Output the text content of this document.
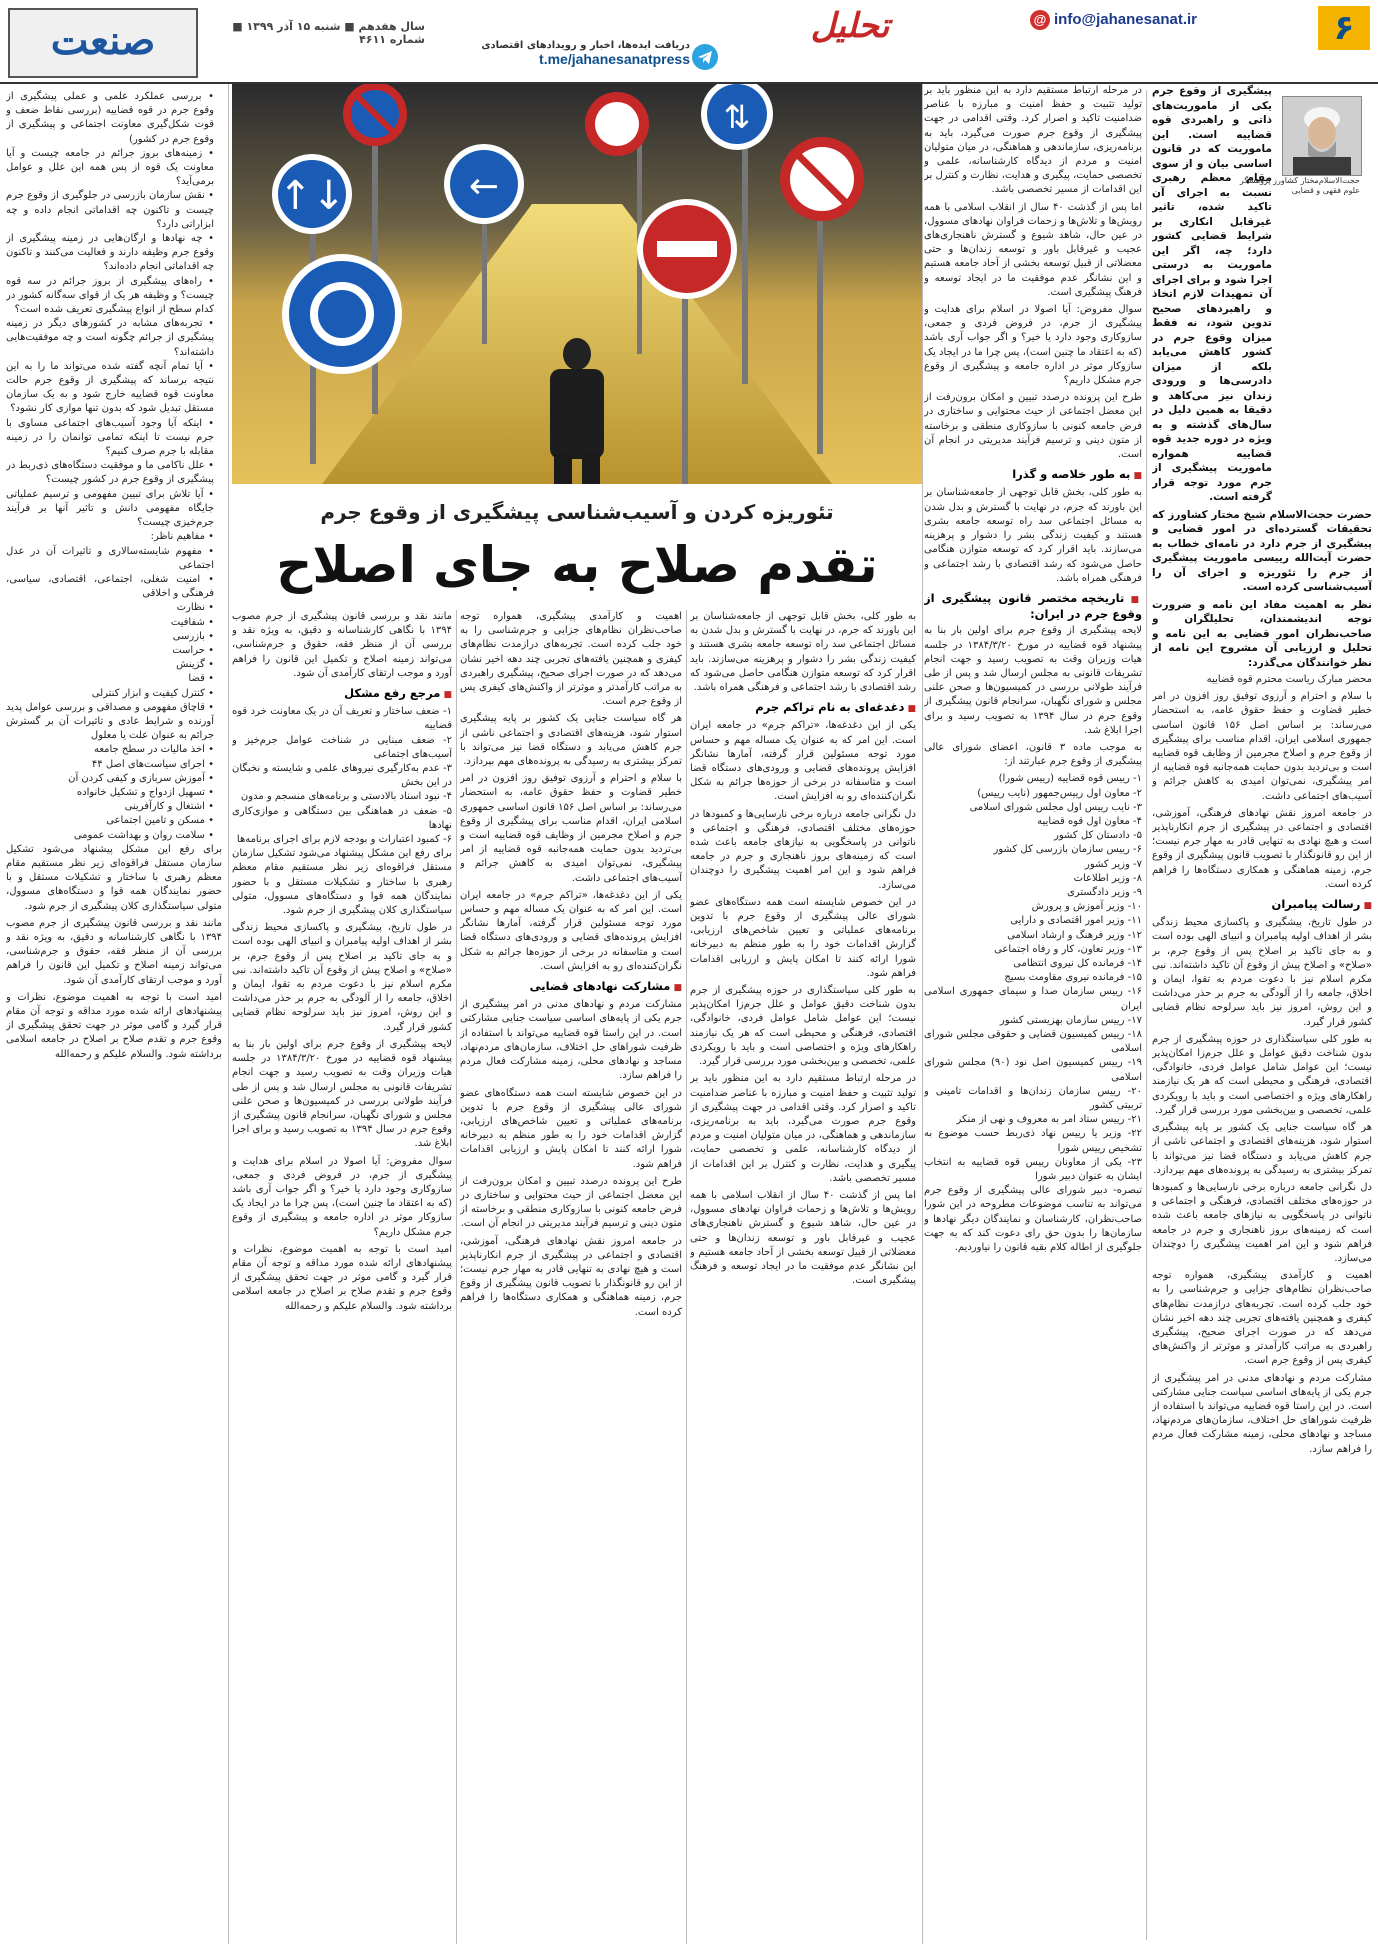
۶
@ info@jahanesanat.ir
تحلیل
دریافت ایده‌ها، اخبار و رویدادهای اقتصادی
t.me/jahanesanatpress
سال هفدهم ■ شنبه ۱۵ آذر ۱۳۹۹ ■ شماره ۴۶۱۱
صنعت
↑↓	←
⇅
تئوریزه کردن و آسیب‌شناسی پیشگیری از وقوع جرم
تقدم صلاح به جای اصلاح
حجت‌الاسلام‌مختار کشاورز پژوهشگر علوم فقهی و قضایی

پیشگیری از وقوع جرم یکی از ماموریت‌های ذاتی و راهبردی قوه قضاییه است. این ماموریت که در قانون اساسی بیان و از سوی مقام معظم رهبری نسبت به اجرای آن تاکید شده، تاثیر غیرقابل انکاری بر شرایط قضایی کشور دارد؛ چه، اگر این ماموریت به درستی اجرا شود و برای اجرای آن تمهیدات لازم اتخاذ و راهبردهای صحیح تدوین شود، نه فقط میزان وقوع جرم در کشور کاهش می‌یابد بلکه از میزان دادرسی‌ها و ورودی زندان نیز می‌کاهد و دقیقا به همین دلیل در سال‌های گذشته و به ویژه در دوره جدید قوه قضاییه همواره ماموریت پیشگیری از جرم مورد توجه قرار گرفته است.

حضرت حجت‌الاسلام شیخ مختار کشاورز که تحقیقات گسترده‌ای در امور قضایی و پیشگیری از جرم دارد در نامه‌ای خطاب به حضرت آیت‌الله رییسی ماموریت پیشگیری از جرم را تئوریزه و اجرای آن را آسیب‌شناسی کرده است.

نظر به اهمیت مفاد این نامه و ضرورت توجه اندیشمندان، تحلیلگران و صاحب‌نظران امور قضایی به این نامه و تحلیل و ارزیابی آن مشروح این نامه از نظر خوانندگان می‌گذرد:

محضر مبارک ریاست محترم قوه قضاییه

با سلام و احترام و آرزوی توفیق روز افزون در امر خطیر قضاوت و حفظ حقوق عامه، به استحضار می‌رساند: بر اساس اصل ۱۵۶ قانون اساسی جمهوری اسلامی ایران، اقدام مناسب برای پیشگیری از وقوع جرم و اصلاح مجرمین از وظایف قوه قضاییه است و بی‌تردید بدون حمایت همه‌جانبه قوه قضاییه از امر پیشگیری، نمی‌توان امیدی به کاهش جرائم و آسیب‌های اجتماعی داشت.

در جامعه امروز نقش نهادهای فرهنگی، آموزشی، اقتصادی و اجتماعی در پیشگیری از جرم انکارناپذیر است و هیچ نهادی به تنهایی قادر به مهار جرم نیست؛ از این رو قانونگذار با تصویب قانون پیشگیری از وقوع جرم، زمینه هماهنگی و همکاری دستگاه‌ها را فراهم کرده است.

■ رسالت پیامبران

در طول تاریخ، پیشگیری و پاکسازی محیط زندگی بشر از اهداف اولیه پیامبران و انبیای الهی بوده است و به جای تاکید بر اصلاح پس از وقوع جرم، بر «صلاح» و اصلاح پیش از وقوع آن تاکید داشته‌اند. نبی مکرم اسلام نیز با دعوت مردم به تقوا، ایمان و اخلاق، جامعه را از آلودگی به جرم بر حذر می‌داشت و این روش، امروز نیز باید سرلوحه نظام قضایی کشور قرار گیرد.

به طور کلی سیاستگذاری در حوزه پیشگیری از جرم بدون شناخت دقیق عوامل و علل جرم‌زا امکان‌پذیر نیست؛ این عوامل شامل عوامل فردی، خانوادگی، اقتصادی، فرهنگی و محیطی است که هر یک نیازمند راهکارهای ویژه و اختصاصی است و باید با رویکردی علمی، تخصصی و بین‌بخشی مورد بررسی قرار گیرد.

هر گاه سیاست جنایی یک کشور بر پایه پیشگیری استوار شود، هزینه‌های اقتصادی و اجتماعی ناشی از جرم کاهش می‌یابد و دستگاه قضا نیز می‌تواند با تمرکز بیشتری به رسیدگی به پرونده‌های مهم بپردازد.

دل نگرانی جامعه درباره برخی نارسایی‌ها و کمبودها در حوزه‌های مختلف اقتصادی، فرهنگی و اجتماعی و ناتوانی در پاسخگویی به نیازهای جامعه باعث شده است که زمینه‌های بروز ناهنجاری و جرم در جامعه فراهم شود و این امر اهمیت پیشگیری را دوچندان می‌سازد.

اهمیت و کارآمدی پیشگیری، همواره توجه صاحب‌نظران نظام‌های جزایی و جرم‌شناسی را به خود جلب کرده است. تجربه‌های درازمدت نظام‌های کیفری و همچنین یافته‌های تجربی چند دهه اخیر نشان می‌دهد که در صورت اجرای صحیح، پیشگیری راهبردی به مراتب کارآمدتر و موثرتر از واکنش‌های کیفری پس از وقوع جرم است.

مشارکت مردم و نهادهای مدنی در امر پیشگیری از جرم یکی از پایه‌های اساسی سیاست جنایی مشارکتی است. در این راستا قوه قضاییه می‌تواند با استفاده از ظرفیت شوراهای حل اختلاف، سازمان‌های مردم‌نهاد، مساجد و نهادهای محلی، زمینه مشارکت فعال مردم را فراهم سازد.

در مرحله ارتباط مستقیم دارد به این منظور باید بر تولید تثبیت و حفظ امنیت و مبارزه با عناصر ضدامنیت تاکید و اصرار کرد. وقتی اقدامی در جهت پیشگیری از وقوع جرم صورت می‌گیرد، باید به برنامه‌ریزی، سازماندهی و هماهنگی، در میان متولیان امنیت و مردم از دیدگاه کارشناسانه، علمی و تخصصی حمایت، پیگیری و هدایت، نظارت و کنترل بر این اقدامات از مسیر تخصصی باشد.

اما پس از گذشت ۴۰ سال از انقلاب اسلامی با همه رویش‌ها و تلاش‌ها و زحمات فراوان نهادهای مسوول، در عین حال، شاهد شیوع و گسترش ناهنجاری‌های عجیب و غیرقابل باور و توسعه زندان‌ها و حتی معضلاتی از قبیل توسعه بخشی از آحاد جامعه هستیم و این نشانگر عدم موفقیت ما در ایجاد توسعه و فرهنگ پیشگیری است.

سوال مفروض: آیا اصولا در اسلام برای هدایت و پیشگیری از جرم، در فروض فردی و جمعی، سازوکاری وجود دارد یا خیر؟ و اگر جواب آری باشد (که به اعتقاد ما چنین است)، پس چرا ما در ایجاد یک سازوکار موثر در اداره جامعه و پیشگیری از وقوع جرم مشکل داریم؟

طرح این پرونده درصدد تبیین و امکان برون‌رفت از این معضل اجتماعی از حیث محتوایی و ساختاری در فرض جامعه کنونی با سازوکاری منطقی و برخاسته از متون دینی و ترسیم فرآیند مدیریتی در انجام آن است.

■ به طور خلاصه و گذرا

به طور کلی، بخش قابل توجهی از جامعه‌شناسان بر این باورند که جرم، در نهایت با گسترش و بدل شدن به مسائل اجتماعی سد راه توسعه جامعه بشری هستند و کیفیت زندگی بشر را دشوار و پرهزینه می‌سازند. باید اقرار کرد که توسعه متوازن هنگامی حاصل می‌شود که رشد اقتصادی با رشد اجتماعی و فرهنگی همراه باشد.

■ تاریخچه مختصر قانون پیشگیری از وقوع جرم در ایران:

لایحه پیشگیری از وقوع جرم برای اولین بار بنا به پیشنهاد قوه قضاییه در مورخ ۱۳۸۴/۳/۲۰ در جلسه هیات وزیران وقت به تصویب رسید و جهت انجام تشریفات قانونی به مجلس ارسال شد و پس از طی فرآیند طولانی بررسی در کمیسیون‌ها و صحن علنی مجلس و شورای نگهبان، سرانجام قانون پیشگیری از وقوع جرم در سال ۱۳۹۴ به تصویب رسید و برای اجرا ابلاغ شد.

به موجب ماده ۳ قانون، اعضای شورای عالی پیشگیری از وقوع جرم عبارتند از:

۱- رییس قوه قضاییه (رییس شورا)

۲- معاون اول رییس‌جمهور (نایب رییس)

۳- نایب رییس اول مجلس شورای اسلامی

۴- معاون اول قوه قضاییه

۵- دادستان کل کشور

۶- رییس سازمان بازرسی کل کشور

۷- وزیر کشور

۸- وزیر اطلاعات

۹- وزیر دادگستری

۱۰- وزیر آموزش و پرورش

۱۱- وزیر امور اقتصادی و دارایی

۱۲- وزیر فرهنگ و ارشاد اسلامی

۱۳- وزیر تعاون، کار و رفاه اجتماعی

۱۴- فرمانده کل نیروی انتظامی

۱۵- فرمانده نیروی مقاومت بسیج

۱۶- رییس سازمان صدا و سیمای جمهوری اسلامی ایران

۱۷- رییس سازمان بهزیستی کشور

۱۸- رییس کمیسیون قضایی و حقوقی مجلس شورای اسلامی

۱۹- رییس کمیسیون اصل نود (۹۰) مجلس شورای اسلامی

۲۰- رییس سازمان زندان‌ها و اقدامات تامینی و تربیتی کشور

۲۱- رییس ستاد امر به معروف و نهی از منکر

۲۲- وزیر یا رییس نهاد ذی‌ربط حسب موضوع به تشخیص رییس شورا

۲۳- یکی از معاونان رییس قوه قضاییه به انتخاب ایشان به عنوان دبیر شورا

تبصره- دبیر شورای عالی پیشگیری از وقوع جرم می‌تواند به تناسب موضوعات مطروحه در این شورا صاحب‌نظران، کارشناسان و نمایندگان دیگر نهادها و سازمان‌ها را بدون حق رای دعوت کند که به جهت جلوگیری از اطاله کلام بقیه قانون را نیاوردیم.

به طور کلی، بخش قابل توجهی از جامعه‌شناسان بر این باورند که جرم، در نهایت با گسترش و بدل شدن به مسائل اجتماعی سد راه توسعه جامعه بشری هستند و کیفیت زندگی بشر را دشوار و پرهزینه می‌سازند. باید اقرار کرد که توسعه متوازن هنگامی حاصل می‌شود که رشد اقتصادی با رشد اجتماعی و فرهنگی همراه باشد.

■ دغدغه‌ای به نام تراکم جرم

یکی از این دغدغه‌ها، «تراکم جرم» در جامعه ایران است. این امر که به عنوان یک مساله مهم و حساس مورد توجه مسئولین قرار گرفته، آمارها نشانگر افزایش پرونده‌های قضایی و ورودی‌های دستگاه قضا است و متاسفانه در برخی از حوزه‌ها جرائم به شکل نگران‌کننده‌ای رو به افزایش است.

دل نگرانی جامعه درباره برخی نارسایی‌ها و کمبودها در حوزه‌های مختلف اقتصادی، فرهنگی و اجتماعی و ناتوانی در پاسخگویی به نیازهای جامعه باعث شده است که زمینه‌های بروز ناهنجاری و جرم در جامعه فراهم شود و این امر اهمیت پیشگیری را دوچندان می‌سازد.

در این خصوص شایسته است همه دستگاه‌های عضو شورای عالی پیشگیری از وقوع جرم با تدوین برنامه‌های عملیاتی و تعیین شاخص‌های ارزیابی، گزارش اقدامات خود را به طور منظم به دبیرخانه شورا ارائه کنند تا امکان پایش و ارزیابی اقدامات فراهم شود.

به طور کلی سیاستگذاری در حوزه پیشگیری از جرم بدون شناخت دقیق عوامل و علل جرم‌زا امکان‌پذیر نیست؛ این عوامل شامل عوامل فردی، خانوادگی، اقتصادی، فرهنگی و محیطی است که هر یک نیازمند راهکارهای ویژه و اختصاصی است و باید با رویکردی علمی، تخصصی و بین‌بخشی مورد بررسی قرار گیرد.

در مرحله ارتباط مستقیم دارد به این منظور باید بر تولید تثبیت و حفظ امنیت و مبارزه با عناصر ضدامنیت تاکید و اصرار کرد. وقتی اقدامی در جهت پیشگیری از وقوع جرم صورت می‌گیرد، باید به برنامه‌ریزی، سازماندهی و هماهنگی، در میان متولیان امنیت و مردم از دیدگاه کارشناسانه، علمی و تخصصی حمایت، پیگیری و هدایت، نظارت و کنترل بر این اقدامات از مسیر تخصصی باشد.

اما پس از گذشت ۴۰ سال از انقلاب اسلامی با همه رویش‌ها و تلاش‌ها و زحمات فراوان نهادهای مسوول، در عین حال، شاهد شیوع و گسترش ناهنجاری‌های عجیب و غیرقابل باور و توسعه زندان‌ها و حتی معضلاتی از قبیل توسعه بخشی از آحاد جامعه هستیم و این نشانگر عدم موفقیت ما در ایجاد توسعه و فرهنگ پیشگیری است.

اهمیت و کارآمدی پیشگیری، همواره توجه صاحب‌نظران نظام‌های جزایی و جرم‌شناسی را به خود جلب کرده است. تجربه‌های درازمدت نظام‌های کیفری و همچنین یافته‌های تجربی چند دهه اخیر نشان می‌دهد که در صورت اجرای صحیح، پیشگیری راهبردی به مراتب کارآمدتر و موثرتر از واکنش‌های کیفری پس از وقوع جرم است.

هر گاه سیاست جنایی یک کشور بر پایه پیشگیری استوار شود، هزینه‌های اقتصادی و اجتماعی ناشی از جرم کاهش می‌یابد و دستگاه قضا نیز می‌تواند با تمرکز بیشتری به رسیدگی به پرونده‌های مهم بپردازد.

با سلام و احترام و آرزوی توفیق روز افزون در امر خطیر قضاوت و حفظ حقوق عامه، به استحضار می‌رساند: بر اساس اصل ۱۵۶ قانون اساسی جمهوری اسلامی ایران، اقدام مناسب برای پیشگیری از وقوع جرم و اصلاح مجرمین از وظایف قوه قضاییه است و بی‌تردید بدون حمایت همه‌جانبه قوه قضاییه از امر پیشگیری، نمی‌توان امیدی به کاهش جرائم و آسیب‌های اجتماعی داشت.

یکی از این دغدغه‌ها، «تراکم جرم» در جامعه ایران است. این امر که به عنوان یک مساله مهم و حساس مورد توجه مسئولین قرار گرفته، آمارها نشانگر افزایش پرونده‌های قضایی و ورودی‌های دستگاه قضا است و متاسفانه در برخی از حوزه‌ها جرائم به شکل نگران‌کننده‌ای رو به افزایش است.

■ مشارکت نهادهای قضایی

مشارکت مردم و نهادهای مدنی در امر پیشگیری از جرم یکی از پایه‌های اساسی سیاست جنایی مشارکتی است. در این راستا قوه قضاییه می‌تواند با استفاده از ظرفیت شوراهای حل اختلاف، سازمان‌های مردم‌نهاد، مساجد و نهادهای محلی، زمینه مشارکت فعال مردم را فراهم سازد.

در این خصوص شایسته است همه دستگاه‌های عضو شورای عالی پیشگیری از وقوع جرم با تدوین برنامه‌های عملیاتی و تعیین شاخص‌های ارزیابی، گزارش اقدامات خود را به طور منظم به دبیرخانه شورا ارائه کنند تا امکان پایش و ارزیابی اقدامات فراهم شود.

طرح این پرونده درصدد تبیین و امکان برون‌رفت از این معضل اجتماعی از حیث محتوایی و ساختاری در فرض جامعه کنونی با سازوکاری منطقی و برخاسته از متون دینی و ترسیم فرآیند مدیریتی در انجام آن است.

در جامعه امروز نقش نهادهای فرهنگی، آموزشی، اقتصادی و اجتماعی در پیشگیری از جرم انکارناپذیر است و هیچ نهادی به تنهایی قادر به مهار جرم نیست؛ از این رو قانونگذار با تصویب قانون پیشگیری از وقوع جرم، زمینه هماهنگی و همکاری دستگاه‌ها را فراهم کرده است.

مانند نقد و بررسی قانون پیشگیری از جرم مصوب ۱۳۹۴ با نگاهی کارشناسانه و دقیق، به ویژه نقد و بررسی آن از منظر فقه، حقوق و جرم‌شناسی، می‌تواند زمینه اصلاح و تکمیل این قانون را فراهم آورد و موجب ارتقای کارآمدی آن شود.

■ مرجع رفع مشکل

۱- ضعف ساختار و تعریف آن در یک معاونت خرد قوه قضاییه

۲- ضعف مبنایی در شناخت عوامل جرم‌خیز و آسیب‌های اجتماعی

۳- عدم به‌کارگیری نیروهای علمی و شایسته و نخبگان در این بخش

۴- نبود اسناد بالادستی و برنامه‌های منسجم و مدون

۵- ضعف در هماهنگی بین دستگاهی و موازی‌کاری نهادها

۶- کمبود اعتبارات و بودجه لازم برای اجرای برنامه‌ها

برای رفع این مشکل پیشنهاد می‌شود تشکیل سازمان مستقل فراقوه‌ای زیر نظر مستقیم مقام معظم رهبری با ساختار و تشکیلات مستقل و با حضور نمایندگان همه قوا و دستگاه‌های مسوول، متولی سیاستگذاری کلان پیشگیری از جرم شود.

در طول تاریخ، پیشگیری و پاکسازی محیط زندگی بشر از اهداف اولیه پیامبران و انبیای الهی بوده است و به جای تاکید بر اصلاح پس از وقوع جرم، بر «صلاح» و اصلاح پیش از وقوع آن تاکید داشته‌اند. نبی مکرم اسلام نیز با دعوت مردم به تقوا، ایمان و اخلاق، جامعه را از آلودگی به جرم بر حذر می‌داشت و این روش، امروز نیز باید سرلوحه نظام قضایی کشور قرار گیرد.

لایحه پیشگیری از وقوع جرم برای اولین بار بنا به پیشنهاد قوه قضاییه در مورخ ۱۳۸۴/۳/۲۰ در جلسه هیات وزیران وقت به تصویب رسید و جهت انجام تشریفات قانونی به مجلس ارسال شد و پس از طی فرآیند طولانی بررسی در کمیسیون‌ها و صحن علنی مجلس و شورای نگهبان، سرانجام قانون پیشگیری از وقوع جرم در سال ۱۳۹۴ به تصویب رسید و برای اجرا ابلاغ شد.

سوال مفروض: آیا اصولا در اسلام برای هدایت و پیشگیری از جرم، در فروض فردی و جمعی، سازوکاری وجود دارد یا خیر؟ و اگر جواب آری باشد (که به اعتقاد ما چنین است)، پس چرا ما در ایجاد یک سازوکار موثر در اداره جامعه و پیشگیری از وقوع جرم مشکل داریم؟

امید است با توجه به اهمیت موضوع، نظرات و پیشنهادهای ارائه شده مورد مداقه و توجه آن مقام قرار گیرد و گامی موثر در جهت تحقق پیشگیری از وقوع جرم و تقدم صلاح بر اصلاح در جامعه اسلامی برداشته شود. والسلام علیکم و رحمه‌الله

• بررسی عملکرد علمی و عملی پیشگیری از وقوع جرم در قوه قضاییه (بررسی نقاط ضعف و قوت شکل‌گیری معاونت اجتماعی و پیشگیری از وقوع جرم در کشور)

• زمینه‌های بروز جرائم در جامعه چیست و آیا معاونت یک قوه از پس همه این علل و عوامل برمی‌آید؟

• نقش سازمان بازرسی در جلوگیری از وقوع جرم چیست و تاکنون چه اقداماتی انجام داده و چه ابزاراتی دارد؟

• چه نهادها و ارگان‌هایی در زمینه پیشگیری از وقوع جرم وظیفه دارند و فعالیت می‌کنند و تاکنون چه اقداماتی انجام داده‌اند؟

• راه‌های پیشگیری از بروز جرائم در سه قوه چیست؟ و وظیفه هر یک از قوای سه‌گانه کشور در کدام سطح از انواع پیشگیری تعریف شده است؟

• تجربه‌های مشابه در کشورهای دیگر در زمینه پیشگیری از جرائم چگونه است و چه موفقیت‌هایی داشته‌اند؟

• آیا تمام آنچه گفته شده می‌تواند ما را به این نتیجه برساند که پیشگیری از وقوع جرم حالت معاونت قوه قضاییه خارج شود و به یک سازمان مستقل تبدیل شود که بدون تنها موازی کار نشود؟

• اینکه آیا وجود آسیب‌های اجتماعی مساوی با جرم نیست تا اینکه تمامی توانمان را در زمینه مقابله با جرم صرف کنیم؟

• علل ناکامی ما و موفقیت دستگاه‌های ذی‌ربط در پیشگیری از وقوع جرم در کشور چیست؟

• آیا تلاش برای تبیین مفهومی و ترسیم عملیاتی جایگاه مفهومی دانش و تاثیر آنها بر فرآیند جرم‌خیزی چیست؟

• مفاهیم ناظر:

• مفهوم شایسته‌سالاری و تاثیرات آن در عدل اجتماعی

• امنیت شغلی، اجتماعی، اقتصادی، سیاسی، فرهنگی و اخلاقی

• نظارت

• شفافیت

• بازرسی

• حراست

• گزینش

• قضا

• کنترل کیفیت و ابزار کنترلی

• قاچاق مفهومی و مصداقی و بررسی عوامل پدید آورنده و شرایط عادی و تاثیرات آن بر گسترش جرائم به عنوان علت یا معلول

• اخذ مالیات در سطح جامعه

• اجرای سیاست‌های اصل ۴۴

• آموزش سربازی و کیفی کردن آن

• تسهیل ازدواج و تشکیل خانواده

• اشتغال و کارآفرینی

• مسکن و تامین اجتماعی

• سلامت روان و بهداشت عمومی

برای رفع این مشکل پیشنهاد می‌شود تشکیل سازمان مستقل فراقوه‌ای زیر نظر مستقیم مقام معظم رهبری با ساختار و تشکیلات مستقل و با حضور نمایندگان همه قوا و دستگاه‌های مسوول، متولی سیاستگذاری کلان پیشگیری از جرم شود.

مانند نقد و بررسی قانون پیشگیری از جرم مصوب ۱۳۹۴ با نگاهی کارشناسانه و دقیق، به ویژه نقد و بررسی آن از منظر فقه، حقوق و جرم‌شناسی، می‌تواند زمینه اصلاح و تکمیل این قانون را فراهم آورد و موجب ارتقای کارآمدی آن شود.

امید است با توجه به اهمیت موضوع، نظرات و پیشنهادهای ارائه شده مورد مداقه و توجه آن مقام قرار گیرد و گامی موثر در جهت تحقق پیشگیری از وقوع جرم و تقدم صلاح بر اصلاح در جامعه اسلامی برداشته شود. والسلام علیکم و رحمه‌الله
